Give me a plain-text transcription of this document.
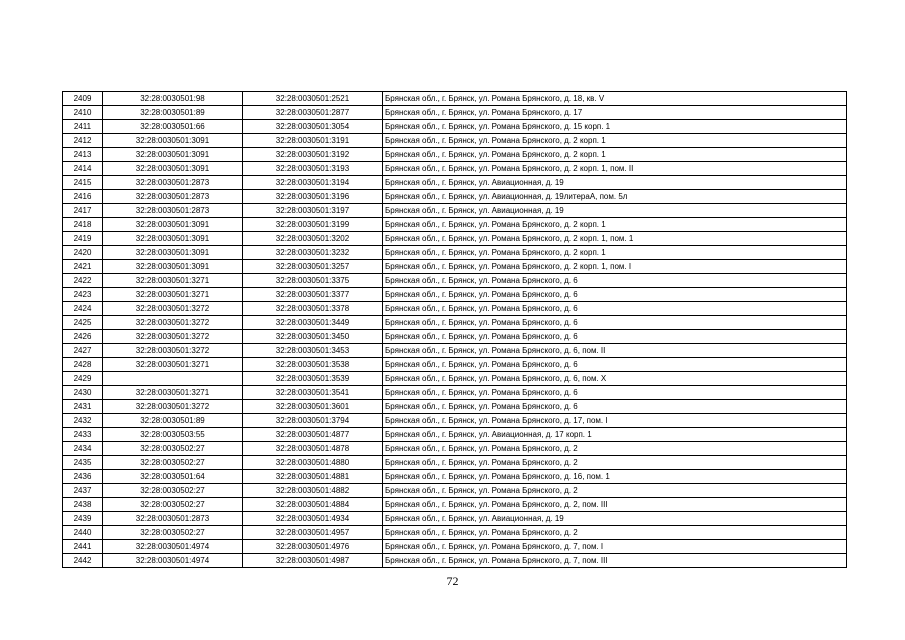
2409	32:28:0030501:98	32:28:0030501:2521	Брянская обл., г. Брянск, ул. Романа Брянского, д. 18, кв. V
2410	32:28:0030501:89	32:28:0030501:2877	Брянская обл., г. Брянск, ул. Романа Брянского, д. 17
2411	32:28:0030501:66	32:28:0030501:3054	Брянская обл., г. Брянск, ул. Романа Брянского, д. 15 корп. 1
2412	32:28:0030501:3091	32:28:0030501:3191	Брянская обл., г. Брянск, ул. Романа Брянского, д. 2 корп. 1
2413	32:28:0030501:3091	32:28:0030501:3192	Брянская обл., г. Брянск, ул. Романа Брянского, д. 2 корп. 1
2414	32:28:0030501:3091	32:28:0030501:3193	Брянская обл., г. Брянск, ул. Романа Брянского, д. 2 корп. 1, пом. II
2415	32:28:0030501:2873	32:28:0030501:3194	Брянская обл., г. Брянск, ул. Авиационная, д. 19
2416	32:28:0030501:2873	32:28:0030501:3196	Брянская обл., г. Брянск, ул. Авиационная, д. 19литераА, пом. 5л
2417	32:28:0030501:2873	32:28:0030501:3197	Брянская обл., г. Брянск, ул. Авиационная, д. 19
2418	32:28:0030501:3091	32:28:0030501:3199	Брянская обл., г. Брянск, ул. Романа Брянского, д. 2 корп. 1
2419	32:28:0030501:3091	32:28:0030501:3202	Брянская обл., г. Брянск, ул. Романа Брянского, д. 2 корп. 1, пом. 1
2420	32:28:0030501:3091	32:28:0030501:3232	Брянская обл., г. Брянск, ул. Романа Брянского, д. 2 корп. 1
2421	32:28:0030501:3091	32:28:0030501:3257	Брянская обл., г. Брянск, ул. Романа Брянского, д. 2 корп. 1, пом. I
2422	32:28:0030501:3271	32:28:0030501:3375	Брянская обл., г. Брянск, ул. Романа Брянского, д. 6
2423	32:28:0030501:3271	32:28:0030501:3377	Брянская обл., г. Брянск, ул. Романа Брянского, д. 6
2424	32:28:0030501:3272	32:28:0030501:3378	Брянская обл., г. Брянск, ул. Романа Брянского, д. 6
2425	32:28:0030501:3272	32:28:0030501:3449	Брянская обл., г. Брянск, ул. Романа Брянского, д. 6
2426	32:28:0030501:3272	32:28:0030501:3450	Брянская обл., г. Брянск, ул. Романа Брянского, д. 6
2427	32:28:0030501:3272	32:28:0030501:3453	Брянская обл., г. Брянск, ул. Романа Брянского, д. 6, пом. II
2428	32:28:0030501:3271	32:28:0030501:3538	Брянская обл., г. Брянск, ул. Романа Брянского, д. 6
2429		32:28:0030501:3539	Брянская обл., г. Брянск, ул. Романа Брянского, д. 6, пом. X
2430	32:28:0030501:3271	32:28:0030501:3541	Брянская обл., г. Брянск, ул. Романа Брянского, д. 6
2431	32:28:0030501:3272	32:28:0030501:3601	Брянская обл., г. Брянск, ул. Романа Брянского, д. 6
2432	32:28:0030501:89	32:28:0030501:3794	Брянская обл., г. Брянск, ул. Романа Брянского, д. 17, пом. I
2433	32:28:0030503:55	32:28:0030501:4877	Брянская обл., г. Брянск, ул. Авиационная, д. 17 корп. 1
2434	32:28:0030502:27	32:28:0030501:4878	Брянская обл., г. Брянск, ул. Романа Брянского, д. 2
2435	32:28:0030502:27	32:28:0030501:4880	Брянская обл., г. Брянск, ул. Романа Брянского, д. 2
2436	32:28:0030501:64	32:28:0030501:4881	Брянская обл., г. Брянск, ул. Романа Брянского, д. 16, пом. 1
2437	32:28:0030502:27	32:28:0030501:4882	Брянская обл., г. Брянск, ул. Романа Брянского, д. 2
2438	32:28:0030502:27	32:28:0030501:4884	Брянская обл., г. Брянск, ул. Романа Брянского, д. 2, пом. III
2439	32:28:0030501:2873	32:28:0030501:4934	Брянская обл., г. Брянск, ул. Авиационная, д. 19
2440	32:28:0030502:27	32:28:0030501:4957	Брянская обл., г. Брянск, ул. Романа Брянского, д. 2
2441	32:28:0030501:4974	32:28:0030501:4976	Брянская обл., г. Брянск, ул. Романа Брянского, д. 7, пом. I
2442	32:28:0030501:4974	32:28:0030501:4987	Брянская обл., г. Брянск, ул. Романа Брянского, д. 7, пом. III
72
